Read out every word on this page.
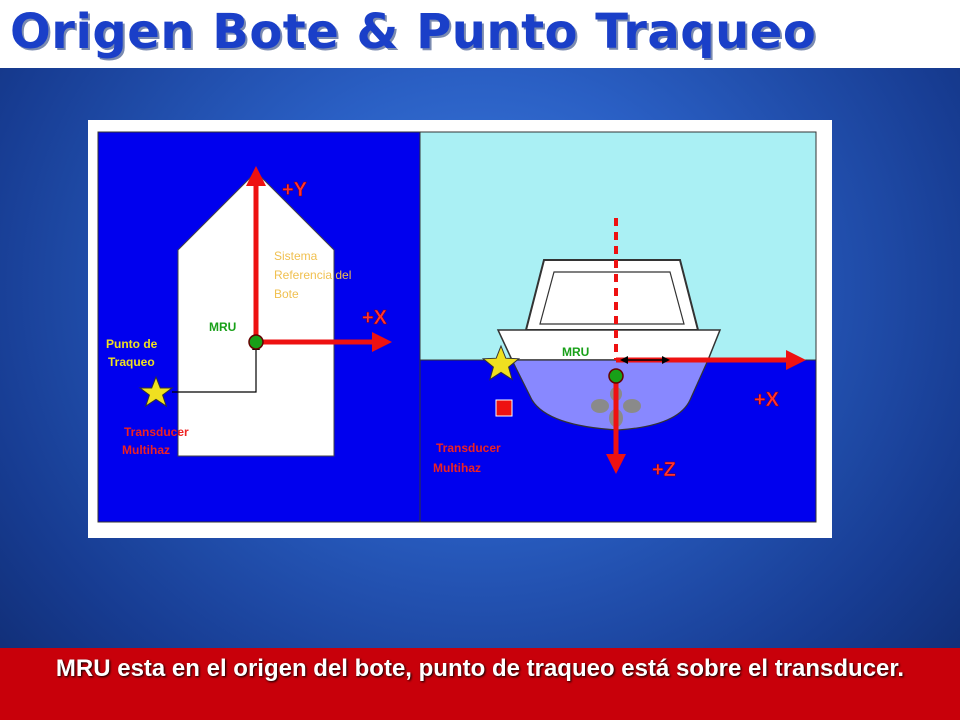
Origen Bote & Punto Traqueo
+Y
+X
Sistema
Referencia del
Bote
MRU
Punto de
Traqueo
Transducer
Multihaz
MRU
+X
+Z
Transducer
Multihaz
MRU esta en el origen del bote, punto de traqueo está sobre el transducer.
